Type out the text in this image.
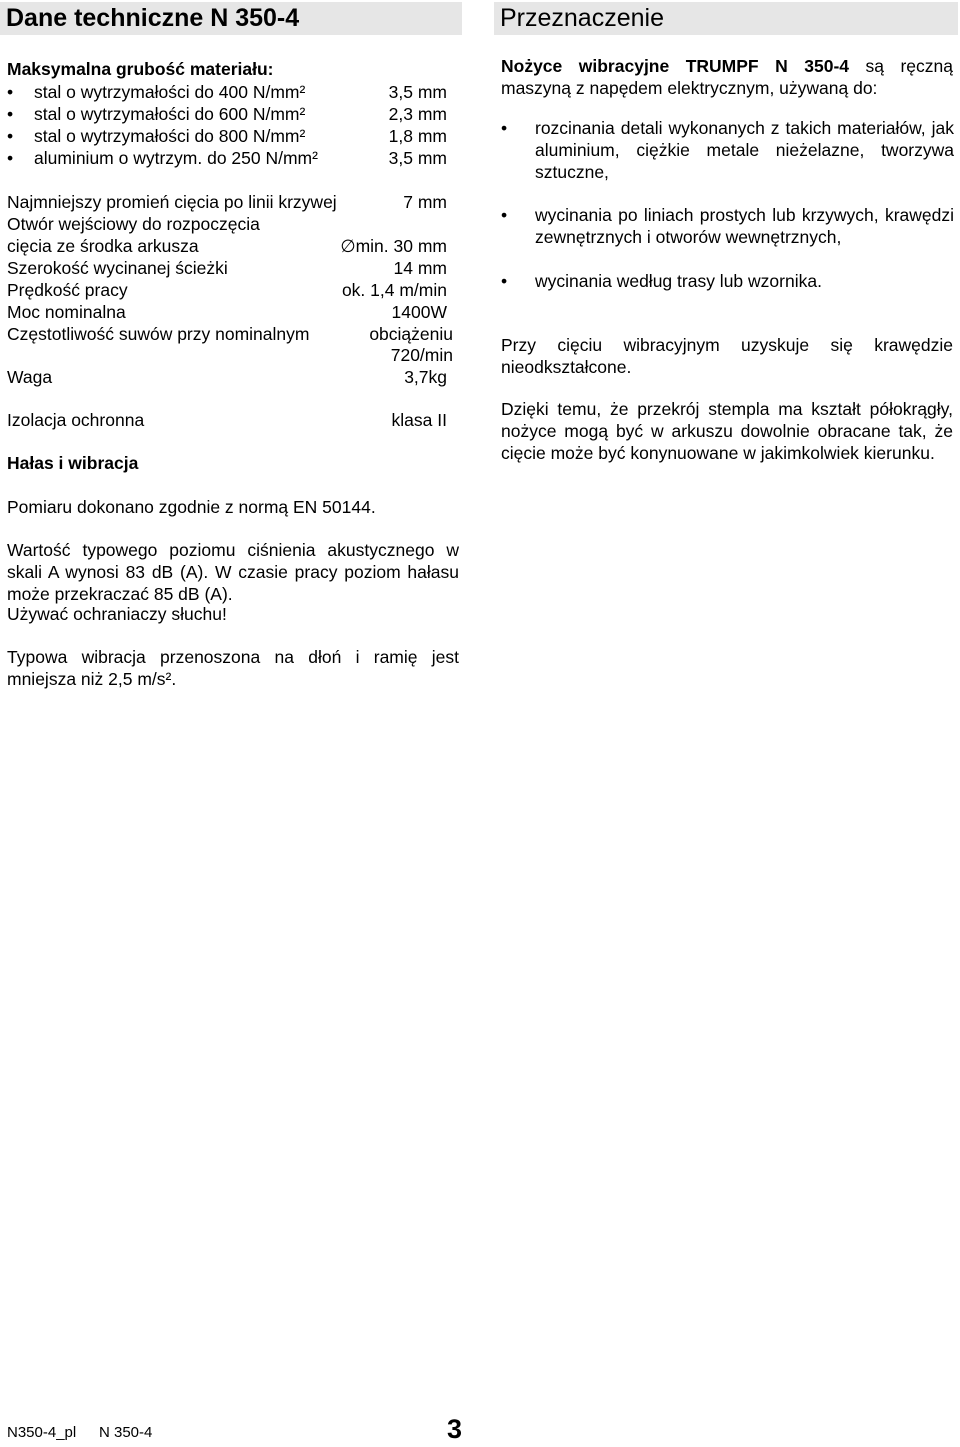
Dane techniczne N 350-4
Maksymalna grubość materiału:
• stal o wytrzymałości do 400 N/mm²	3,5 mm
• stal o wytrzymałości do 600 N/mm²	2,3 mm
• stal o wytrzymałości do 800 N/mm²	1,8 mm
• aluminium o wytrzym. do 250 N/mm²	3,5 mm
Najmniejszy promień cięcia po linii krzywej	7 mm
Otwór wejściowy do rozpoczęcia
cięcia ze środka arkusza	∅min. 30 mm
Szerokość wycinanej ścieżki	14 mm
Prędkość pracy	ok. 1,4 m/min
Moc nominalna	1400W
Częstotliwość suwów przy nominalnym	obciążeniu
720/min
Waga	3,7kg
Izolacja ochronna	klasa II
Hałas i wibracja
Pomiaru dokonano zgodnie z normą EN 50144.
Wartość typowego poziomu ciśnienia akustycznego w skali A wynosi 83 dB (A). W czasie pracy poziom hałasu może przekraczać 85 dB (A).
Używać ochraniaczy słuchu!
Typowa wibracja przenoszona na dłoń i ramię jest mniejsza niż 2,5 m/s².
Przeznaczenie
Nożyce wibracyjne TRUMPF N 350-4 są ręczną maszyną z napędem elektrycznym, używaną do:
• rozcinania detali wykonanych z takich materiałów, jak aluminium, ciężkie metale nieżelazne, tworzywa sztuczne,
• wycinania po liniach prostych lub krzywych, krawędzi zewnętrznych i otworów wewnętrznych,
• wycinania według trasy lub wzornika.
Przy cięciu wibracyjnym uzyskuje się krawędzie nieodkształcone.
Dzięki temu, że przekrój stempla ma kształt półokrągły, nożyce mogą być w arkuszu dowolnie obracane tak, że cięcie może być konynuowane w jakimkolwiek kierunku.
N350-4_pl N 350-4	3
